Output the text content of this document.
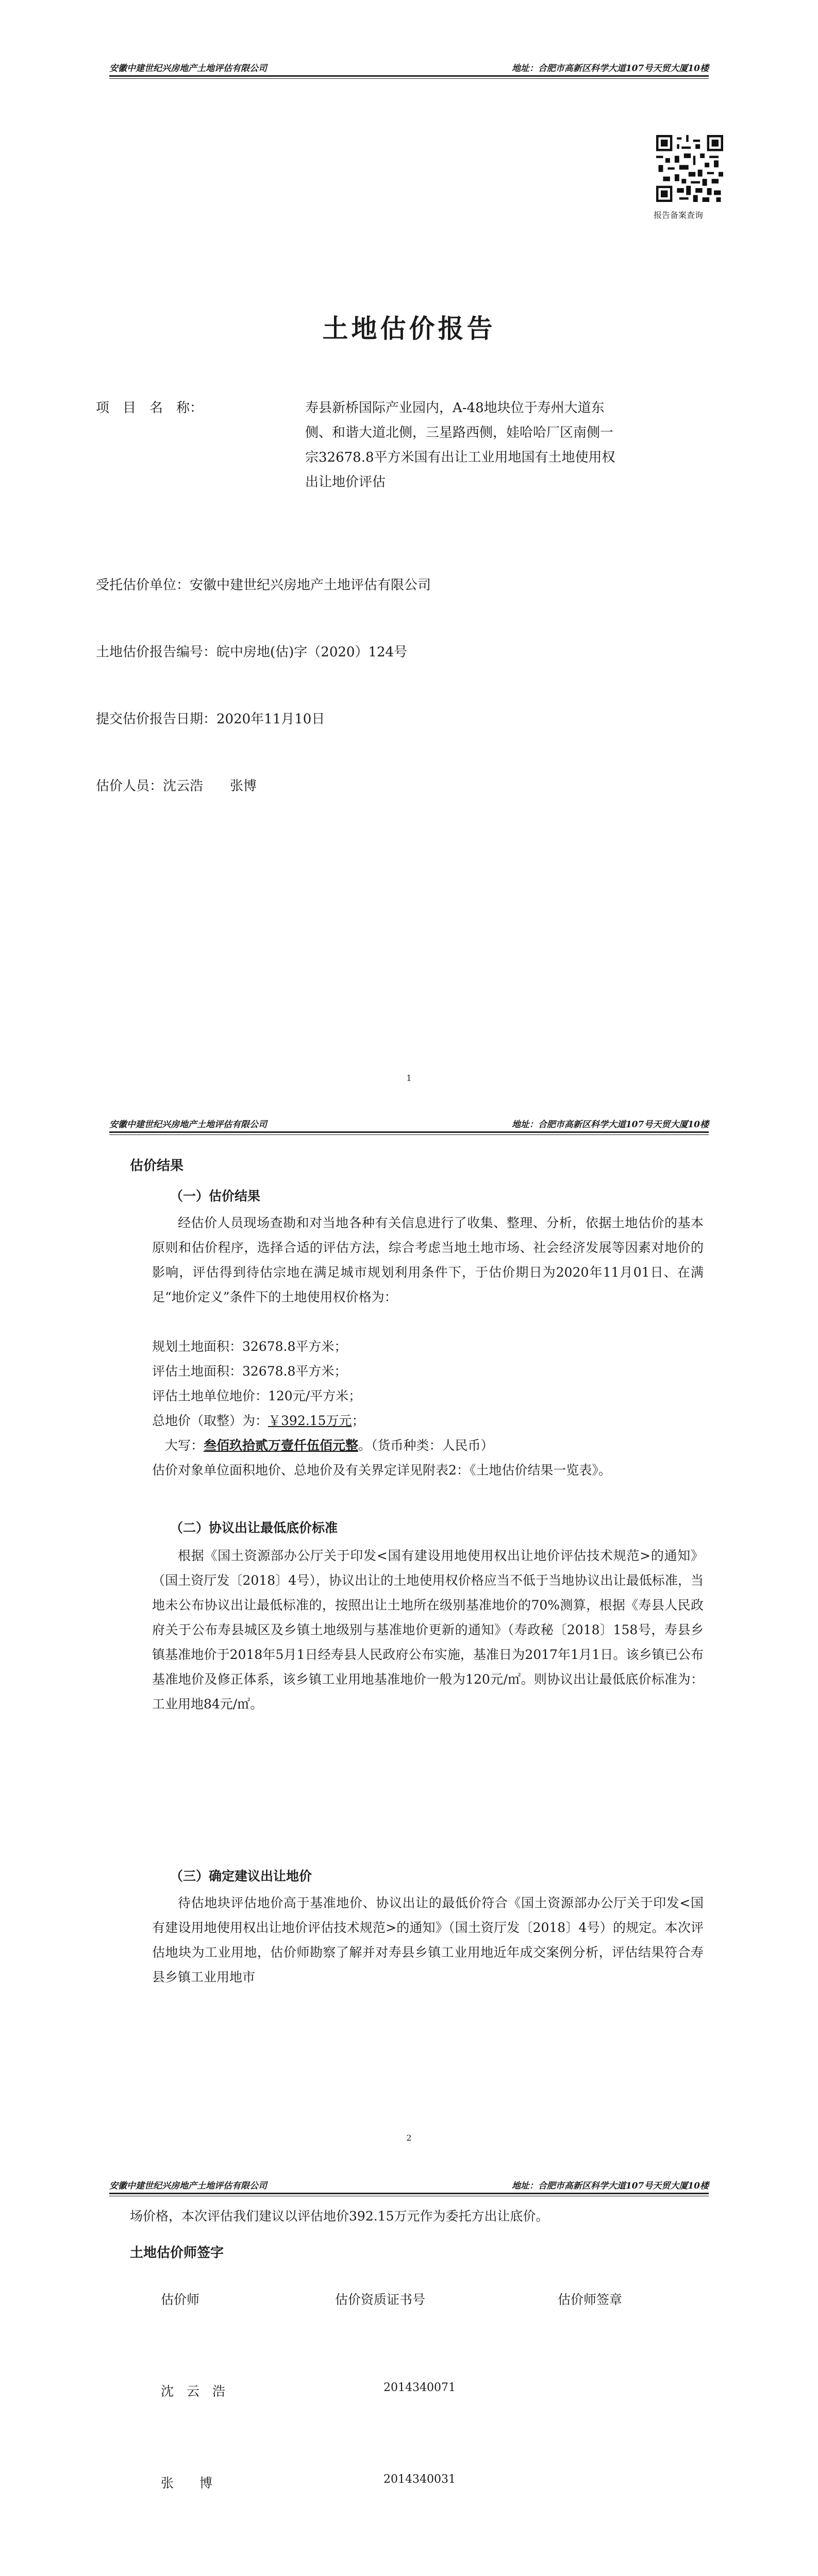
安徽中建世纪兴房地产土地评估有限公司	地址：合肥市高新区科学大道107号天贸大厦10楼
报告备案查询
土地估价报告
项　目　名　称：	寿县新桥国际产业园内，A-48地块位于寿州大道东
侧、和谐大道北侧，三星路西侧，娃哈哈厂区南侧一
宗32678.8平方米国有出让工业用地国有土地使用权
出让地价评估
受托估价单位：安徽中建世纪兴房地产土地评估有限公司
土地估价报告编号：皖中房地(估)字（2020）124号
提交估价报告日期：2020年11月10日
估价人员：沈云浩　　张博
1
安徽中建世纪兴房地产土地评估有限公司	地址：合肥市高新区科学大道107号天贸大厦10楼
估价结果
（一）估价结果
经估价人员现场查勘和对当地各种有关信息进行了收集、整理、分析，依据土地估价的基本原则和估价程序，选择合适的评估方法，综合考虑当地土地市场、社会经济发展等因素对地价的影响，评估得到待估宗地在满足城市规划利用条件下，于估价期日为2020年11月01日、在满足“地价定义”条件下的土地使用权价格为：
规划土地面积：32678.8平方米；
评估土地面积：32678.8平方米；
评估土地单位地价：120元/平方米；
总地价（取整）为：￥392.15万元；
大写：叁佰玖拾贰万壹仟伍佰元整。（货币种类：人民币）
估价对象单位面积地价、总地价及有关界定详见附表2：《土地估价结果一览表》。
（二）协议出让最低底价标准
根据《国土资源部办公厅关于印发<国有建设用地使用权出让地价评估技术规范>的通知》（国土资厅发〔2018〕4号），协议出让的土地使用权价格应当不低于当地协议出让最低标准，当地未公布协议出让最低标准的，按照出让土地所在级别基准地价的70%测算，根据《寿县人民政府关于公布寿县城区及乡镇土地级别与基准地价更新的通知》（寿政秘〔2018〕158号，寿县乡镇基准地价于2018年5月1日经寿县人民政府公布实施，基准日为2017年1月1日。该乡镇已公布基准地价及修正体系，该乡镇工业用地基准地价一般为120元/㎡。则协议出让最低底价标准为：工业用地84元/㎡。
（三）确定建议出让地价
待估地块评估地价高于基准地价、协议出让的最低价符合《国土资源部办公厅关于印发<国有建设用地使用权出让地价评估技术规范>的通知》（国土资厅发〔2018〕4号）的规定。本次评估地块为工业用地，估价师勘察了解并对寿县乡镇工业用地近年成交案例分析，评估结果符合寿县乡镇工业用地市
2
安徽中建世纪兴房地产土地评估有限公司	地址：合肥市高新区科学大道107号天贸大厦10楼
场价格，本次评估我们建议以评估地价392.15万元作为委托方出让底价。
土地估价师签字
估价师	估价资质证书号	估价师签章
沈　云　浩	2014340071
张　　博	2014340031
